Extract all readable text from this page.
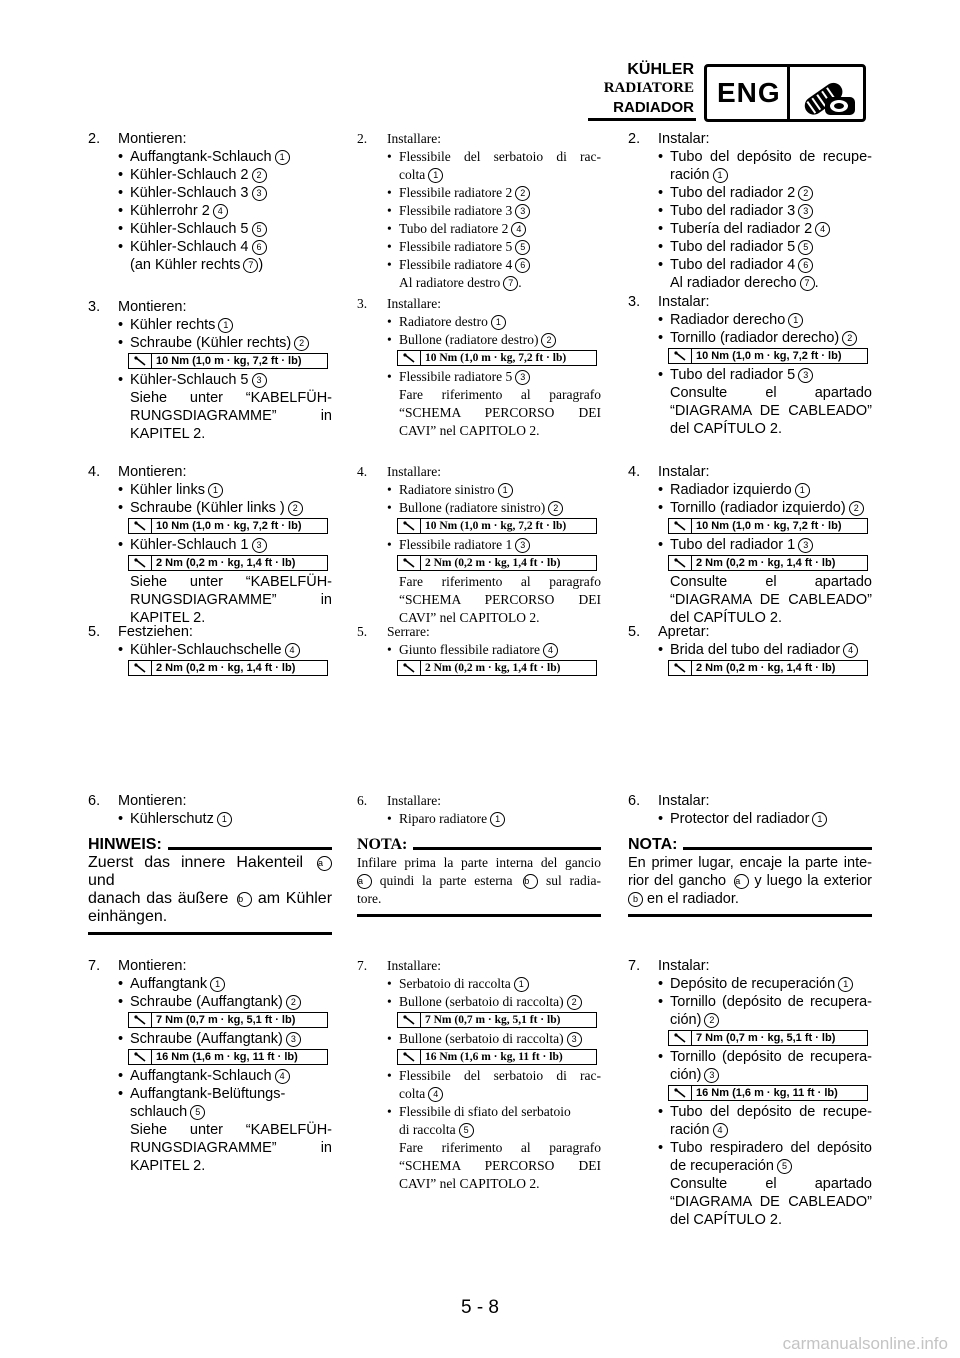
KÜHLER
RADIATORE
RADIADOR ENG
2.	Montieren:
• Auffangtank-Schlauch 1
• Kühler-Schlauch 2 2
• Kühler-Schlauch 3 3
• Kühlerrohr 2 4
• Kühler-Schlauch 5 5
• Kühler-Schlauch 4 6
(an Kühler rechts 7 )
3.	Montieren:
• Kühler rechts 1
• Schraube (Kühler rechts) 2
10 Nm (1,0 m · kg, 7,2 ft · lb)
• Kühler-Schlauch 5 3
Siehe unter “KABELFÜH-
RUNGSDIAGRAMME” in
KAPITEL 2.
4.	Montieren:
• Kühler links 1
• Schraube (Kühler links ) 2
10 Nm (1,0 m · kg, 7,2 ft · lb)
• Kühler-Schlauch 1 3
2 Nm (0,2 m · kg, 1,4 ft · lb)
Siehe unter “KABELFÜH-
RUNGSDIAGRAMME” in
KAPITEL 2.
5.	Festziehen:
• Kühler-Schlauchschelle 4
2 Nm (0,2 m · kg, 1,4 ft · lb)
6.	Montieren:
• Kühlerschutz 1
HINWEIS:
Zuerst das innere Hakenteil a und
danach das äußere b am Kühler
einhängen.
7.	Montieren:
• Auffangtank 1
• Schraube (Auffangtank) 2
7 Nm (0,7 m · kg, 5,1 ft · lb)
• Schraube (Auffangtank) 3
16 Nm (1,6 m · kg, 11 ft · lb)
• Auffangtank-Schlauch 4
• Auffangtank-Belüftungs-
schlauch 5
Siehe unter “KABELFÜH-
RUNGSDIAGRAMME” in
KAPITEL 2.
2.	Installare:
• Flessibile del serbatoio di rac-
colta 1
• Flessibile radiatore 2 2
• Flessibile radiatore 3 3
• Tubo del radiatore 2 4
• Flessibile radiatore 5 5
• Flessibile radiatore 4 6
Al radiatore destro 7 .
3.	Installare:
• Radiatore destro 1
• Bullone (radiatore destro) 2
10 Nm (1,0 m · kg, 7,2 ft · lb)
• Flessibile radiatore 5 3
Fare riferimento al paragrafo
“SCHEMA PERCORSO DEI
CAVI” nel CAPITOLO 2.
4.	Installare:
• Radiatore sinistro 1
• Bullone (radiatore sinistro) 2
10 Nm (1,0 m · kg, 7,2 ft · lb)
• Flessibile radiatore 1 3
2 Nm (0,2 m · kg, 1,4 ft · lb)
Fare riferimento al paragrafo
“SCHEMA PERCORSO DEI
CAVI” nel CAPITOLO 2.
5.	Serrare:
• Giunto flessibile radiatore 4
2 Nm (0,2 m · kg, 1,4 ft · lb)
6.	Installare:
• Riparo radiatore 1
NOTA:
Infilare prima la parte interna del gancio
a quindi la parte esterna b sul radia-
tore.
7.	Installare:
• Serbatoio di raccolta 1
• Bullone (serbatoio di raccolta) 2
7 Nm (0,7 m · kg, 5,1 ft · lb)
• Bullone (serbatoio di raccolta) 3
16 Nm (1,6 m · kg, 11 ft · lb)
• Flessibile del serbatoio di rac-
colta 4
• Flessibile di sfiato del serbatoio
di raccolta 5
Fare riferimento al paragrafo
“SCHEMA PERCORSO DEI
CAVI” nel CAPITOLO 2.
2.	Instalar:
• Tubo del depósito de recupe-
ración 1
• Tubo del radiador 2 2
• Tubo del radiador 3 3
• Tubería del radiador 2 4
• Tubo del radiador 5 5
• Tubo del radiador 4 6
Al radiador derecho 7 .
3.	Instalar:
• Radiador derecho 1
• Tornillo (radiador derecho) 2
10 Nm (1,0 m · kg, 7,2 ft · lb)
• Tubo del radiador 5 3
Consulte el apartado
“DIAGRAMA DE CABLEADO”
del CAPÍTULO 2.
4.	Instalar:
• Radiador izquierdo 1
• Tornillo (radiador izquierdo) 2
10 Nm (1,0 m · kg, 7,2 ft · lb)
• Tubo del radiador 1 3
2 Nm (0,2 m · kg, 1,4 ft · lb)
Consulte el apartado
“DIAGRAMA DE CABLEADO”
del CAPÍTULO 2.
5.	Apretar:
• Brida del tubo del radiador 4
2 Nm (0,2 m · kg, 1,4 ft · lb)
6.	Instalar:
• Protector del radiador 1
NOTA:
En primer lugar, encaje la parte inte-
rior del gancho a y luego la exterior
b en el radiador.
7.	Instalar:
• Depósito de recuperación 1
• Tornillo (depósito de recupera-
ción) 2
7 Nm (0,7 m · kg, 5,1 ft · lb)
• Tornillo (depósito de recupera-
ción) 3
16 Nm (1,6 m · kg, 11 ft · lb)
• Tubo del depósito de recupe-
ración 4
• Tubo respiradero del depósito
de recuperación 5
Consulte el apartado
“DIAGRAMA DE CABLEADO”
del CAPÍTULO 2.
5 - 8
carmanualsonline.info
